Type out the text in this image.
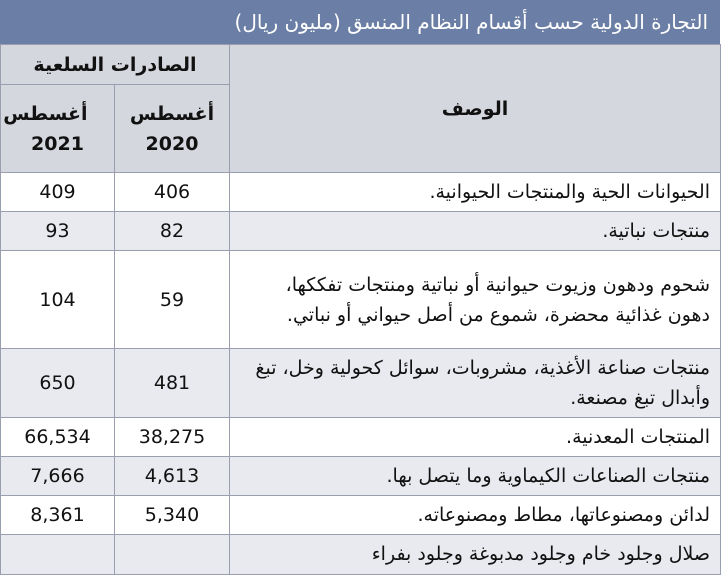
التجارة الدولية حسب أقسام النظام المنسق (مليون ريال)
الوصف	الصادرات السلعية	

	أغسطس 2020	أغسطس 2021

الحيوانات الحية والمنتجات الحيوانية.	406	409
منتجات نباتية.	82	93
شحوم ودهون وزيوت حيوانية أو نباتية ومنتجات تفككها، دهون غذائية محضرة، شموع من أصل حيواني أو نباتي.	59	104
منتجات صناعة الأغذية، مشروبات، سوائل كحولية وخل، تبغ وأبدال تبغ مصنعة.	481	650
المنتجات المعدنية.	38,275	66,534
منتجات الصناعات الكيماوية وما يتصل بها.	4,613	7,666
لدائن ومصنوعاتها، مطاط ومصنوعاته.	5,340	8,361
صلال وجلود خام وجلود مدبوغة وجلود بفراء		
